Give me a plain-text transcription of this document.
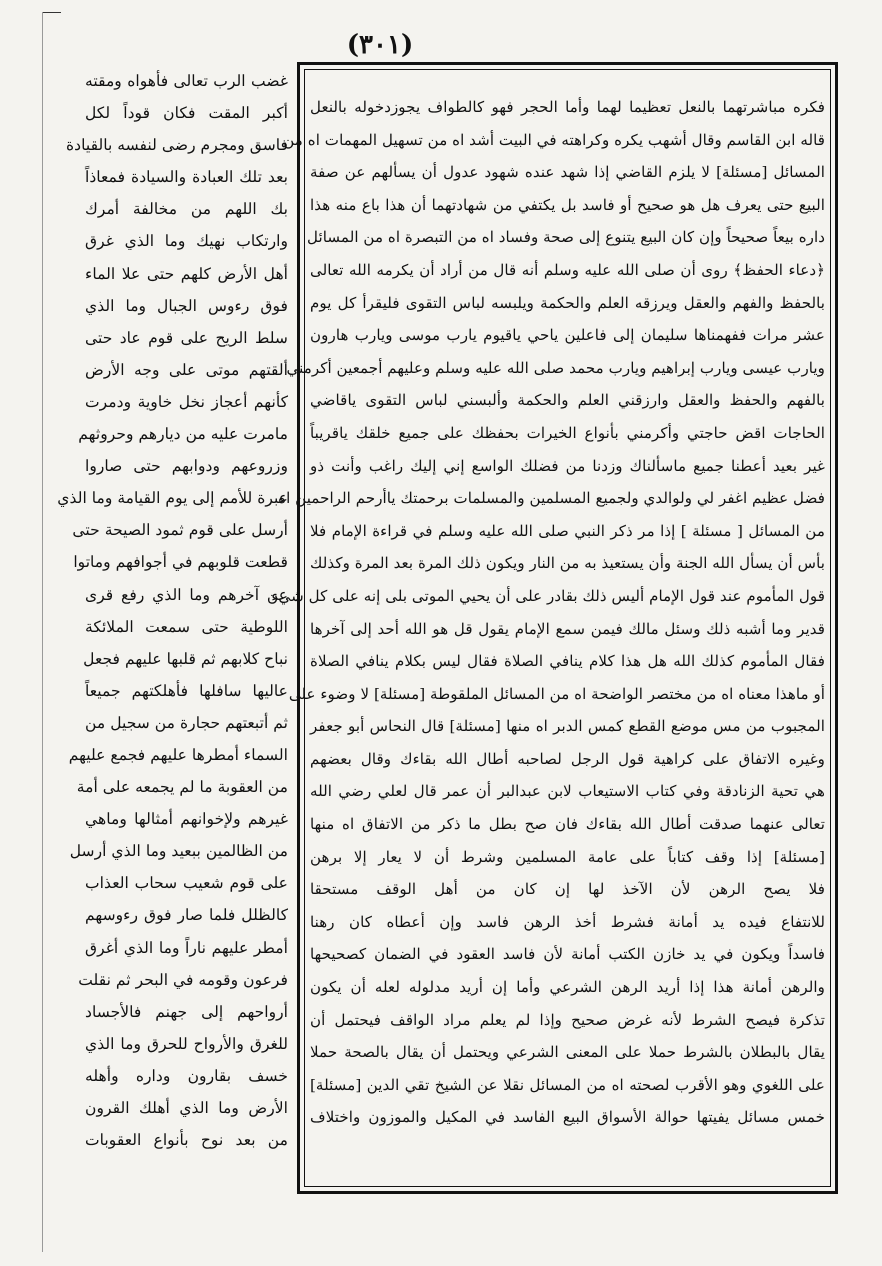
(٣٠١)
فكره مباشرتهما بالنعل تعظيما لهما وأما الحجر فهو كالطواف يجوزدخوله بالنعل
قاله ابن القاسم وقال أشهب يكره وكراهته في البيت أشد اه من تسهيل المهمات اه من
المسائل [مسئلة] لا يلزم القاضي إذا شهد عنده شهود عدول أن يسألهم عن صفة
البيع حتى يعرف هل هو صحيح أو فاسد بل يكتفي من شهادتهما أن هذا باع منه هذا
داره بيعاً صحيحاً وإن كان البيع يتنوع إلى صحة وفساد اه من التبصرة اه من المسائل
﴿دعاء الحفظ﴾ روى أن صلى الله عليه وسلم أنه قال من أراد أن يكرمه الله تعالى
بالحفظ والفهم والعقل ويرزقه العلم والحكمة ويلبسه لباس التقوى فليقرأ كل يوم
عشر مرات ففهمناها سليمان إلى فاعلين ياحي ياقيوم يارب موسى ويارب هارون
ويارب عيسى ويارب إبراهيم ويارب محمد صلى الله عليه وسلم وعليهم أجمعين أكرمني
بالفهم والحفظ والعقل وارزقني العلم والحكمة وألبسني لباس التقوى ياقاضي
الحاجات اقض حاجتي وأكرمني بأنواع الخيرات بحفظك على جميع خلقك ياقريباً
غير بعيد أعطنا جميع ماسألناك وزدنا من فضلك الواسع إني إليك راغب وأنت ذو
فضل عظيم اغفر لي ولوالدي ولجميع المسلمين والمسلمات برحمتك ياأرحم الراحمين اه
من المسائل [ مسئلة ] إذا مر ذكر النبي صلى الله عليه وسلم في قراءة الإمام فلا
بأس أن يسأل الله الجنة وأن يستعيذ به من النار ويكون ذلك المرة بعد المرة وكذلك
قول المأموم عند قول الإمام أليس ذلك بقادر على أن يحيي الموتى بلى إنه على كل شيء
قدير وما أشبه ذلك وسئل مالك فيمن سمع الإمام يقول قل هو الله أحد إلى آخرها
فقال المأموم كذلك الله هل هذا كلام ينافي الصلاة فقال ليس بكلام ينافي الصلاة
أو ماهذا معناه اه من مختصر الواضحة اه من المسائل الملقوطة [مسئلة] لا وضوء على
المجبوب من مس موضع القطع كمس الدبر اه منها [مسئلة] قال النحاس أبو جعفر
وغيره الاتفاق على كراهية قول الرجل لصاحبه أطال الله بقاءك وقال بعضهم
هي تحية الزنادقة وفي كتاب الاستيعاب لابن عبدالبر أن عمر قال لعلي رضي الله
تعالى عنهما صدقت أطال الله بقاءك فان صح بطل ما ذكر من الاتفاق اه منها
[مسئلة] إذا وقف كتاباً على عامة المسلمين وشرط أن لا يعار إلا برهن
فلا يصح الرهن لأن الآخذ لها إن كان من أهل الوقف مستحقا
للانتفاع فيده يد أمانة فشرط أخذ الرهن فاسد وإن أعطاه كان رهنا
فاسداً ويكون في يد خازن الكتب أمانة لأن فاسد العقود في الضمان كصحيحها
والرهن أمانة هذا إذا أريد الرهن الشرعي وأما إن أريد مدلوله لعله أن يكون
تذكرة فيصح الشرط لأنه غرض صحيح وإذا لم يعلم مراد الواقف فيحتمل أن
يقال بالبطلان بالشرط حملا على المعنى الشرعي ويحتمل أن يقال بالصحة حملا
على اللغوي وهو الأقرب لصحته اه من المسائل نقلا عن الشيخ تقي الدين [مسئلة]
خمس مسائل يفيتها حوالة الأسواق البيع الفاسد في المكيل والموزون واختلاف
غضب الرب تعالى فأهواه ومقته
أكبر المقت فكان قوداً لكل
فاسق ومجرم رضى لنفسه بالقيادة
بعد تلك العبادة والسيادة فمعاذاً
بك اللهم من مخالفة أمرك
وارتكاب نهيك وما الذي غرق
أهل الأرض كلهم حتى علا الماء
فوق رءوس الجبال وما الذي
سلط الريح على قوم عاد حتى
ألقتهم موتى على وجه الأرض
كأنهم أعجاز نخل خاوية ودمرت
مامرت عليه من ديارهم وحروثهم
وزروعهم ودوابهم حتى صاروا
عبرة للأمم إلى يوم القيامة وما الذي
أرسل على قوم ثمود الصيحة حتى
قطعت قلوبهم في أجوافهم وماتوا
عن آخرهم وما الذي رفع قرى
اللوطية حتى سمعت الملائكة
نباح كلابهم ثم قلبها عليهم فجعل
عاليها سافلها فأهلكتهم جميعاً
ثم أتبعتهم حجارة من سجيل من
السماء أمطرها عليهم فجمع عليهم
من العقوبة ما لم يجمعه على أمة
غيرهم ولإخوانهم أمثالها وماهي
من الظالمين ببعيد وما الذي أرسل
على قوم شعيب سحاب العذاب
كالظلل فلما صار فوق رءوسهم
أمطر عليهم ناراً وما الذي أغرق
فرعون وقومه في البحر ثم نقلت
أرواحهم إلى جهنم فالأجساد
للغرق والأرواح للحرق وما الذي
خسف بقارون وداره وأهله
الأرض وما الذي أهلك القرون
من بعد نوح بأنواع العقوبات
